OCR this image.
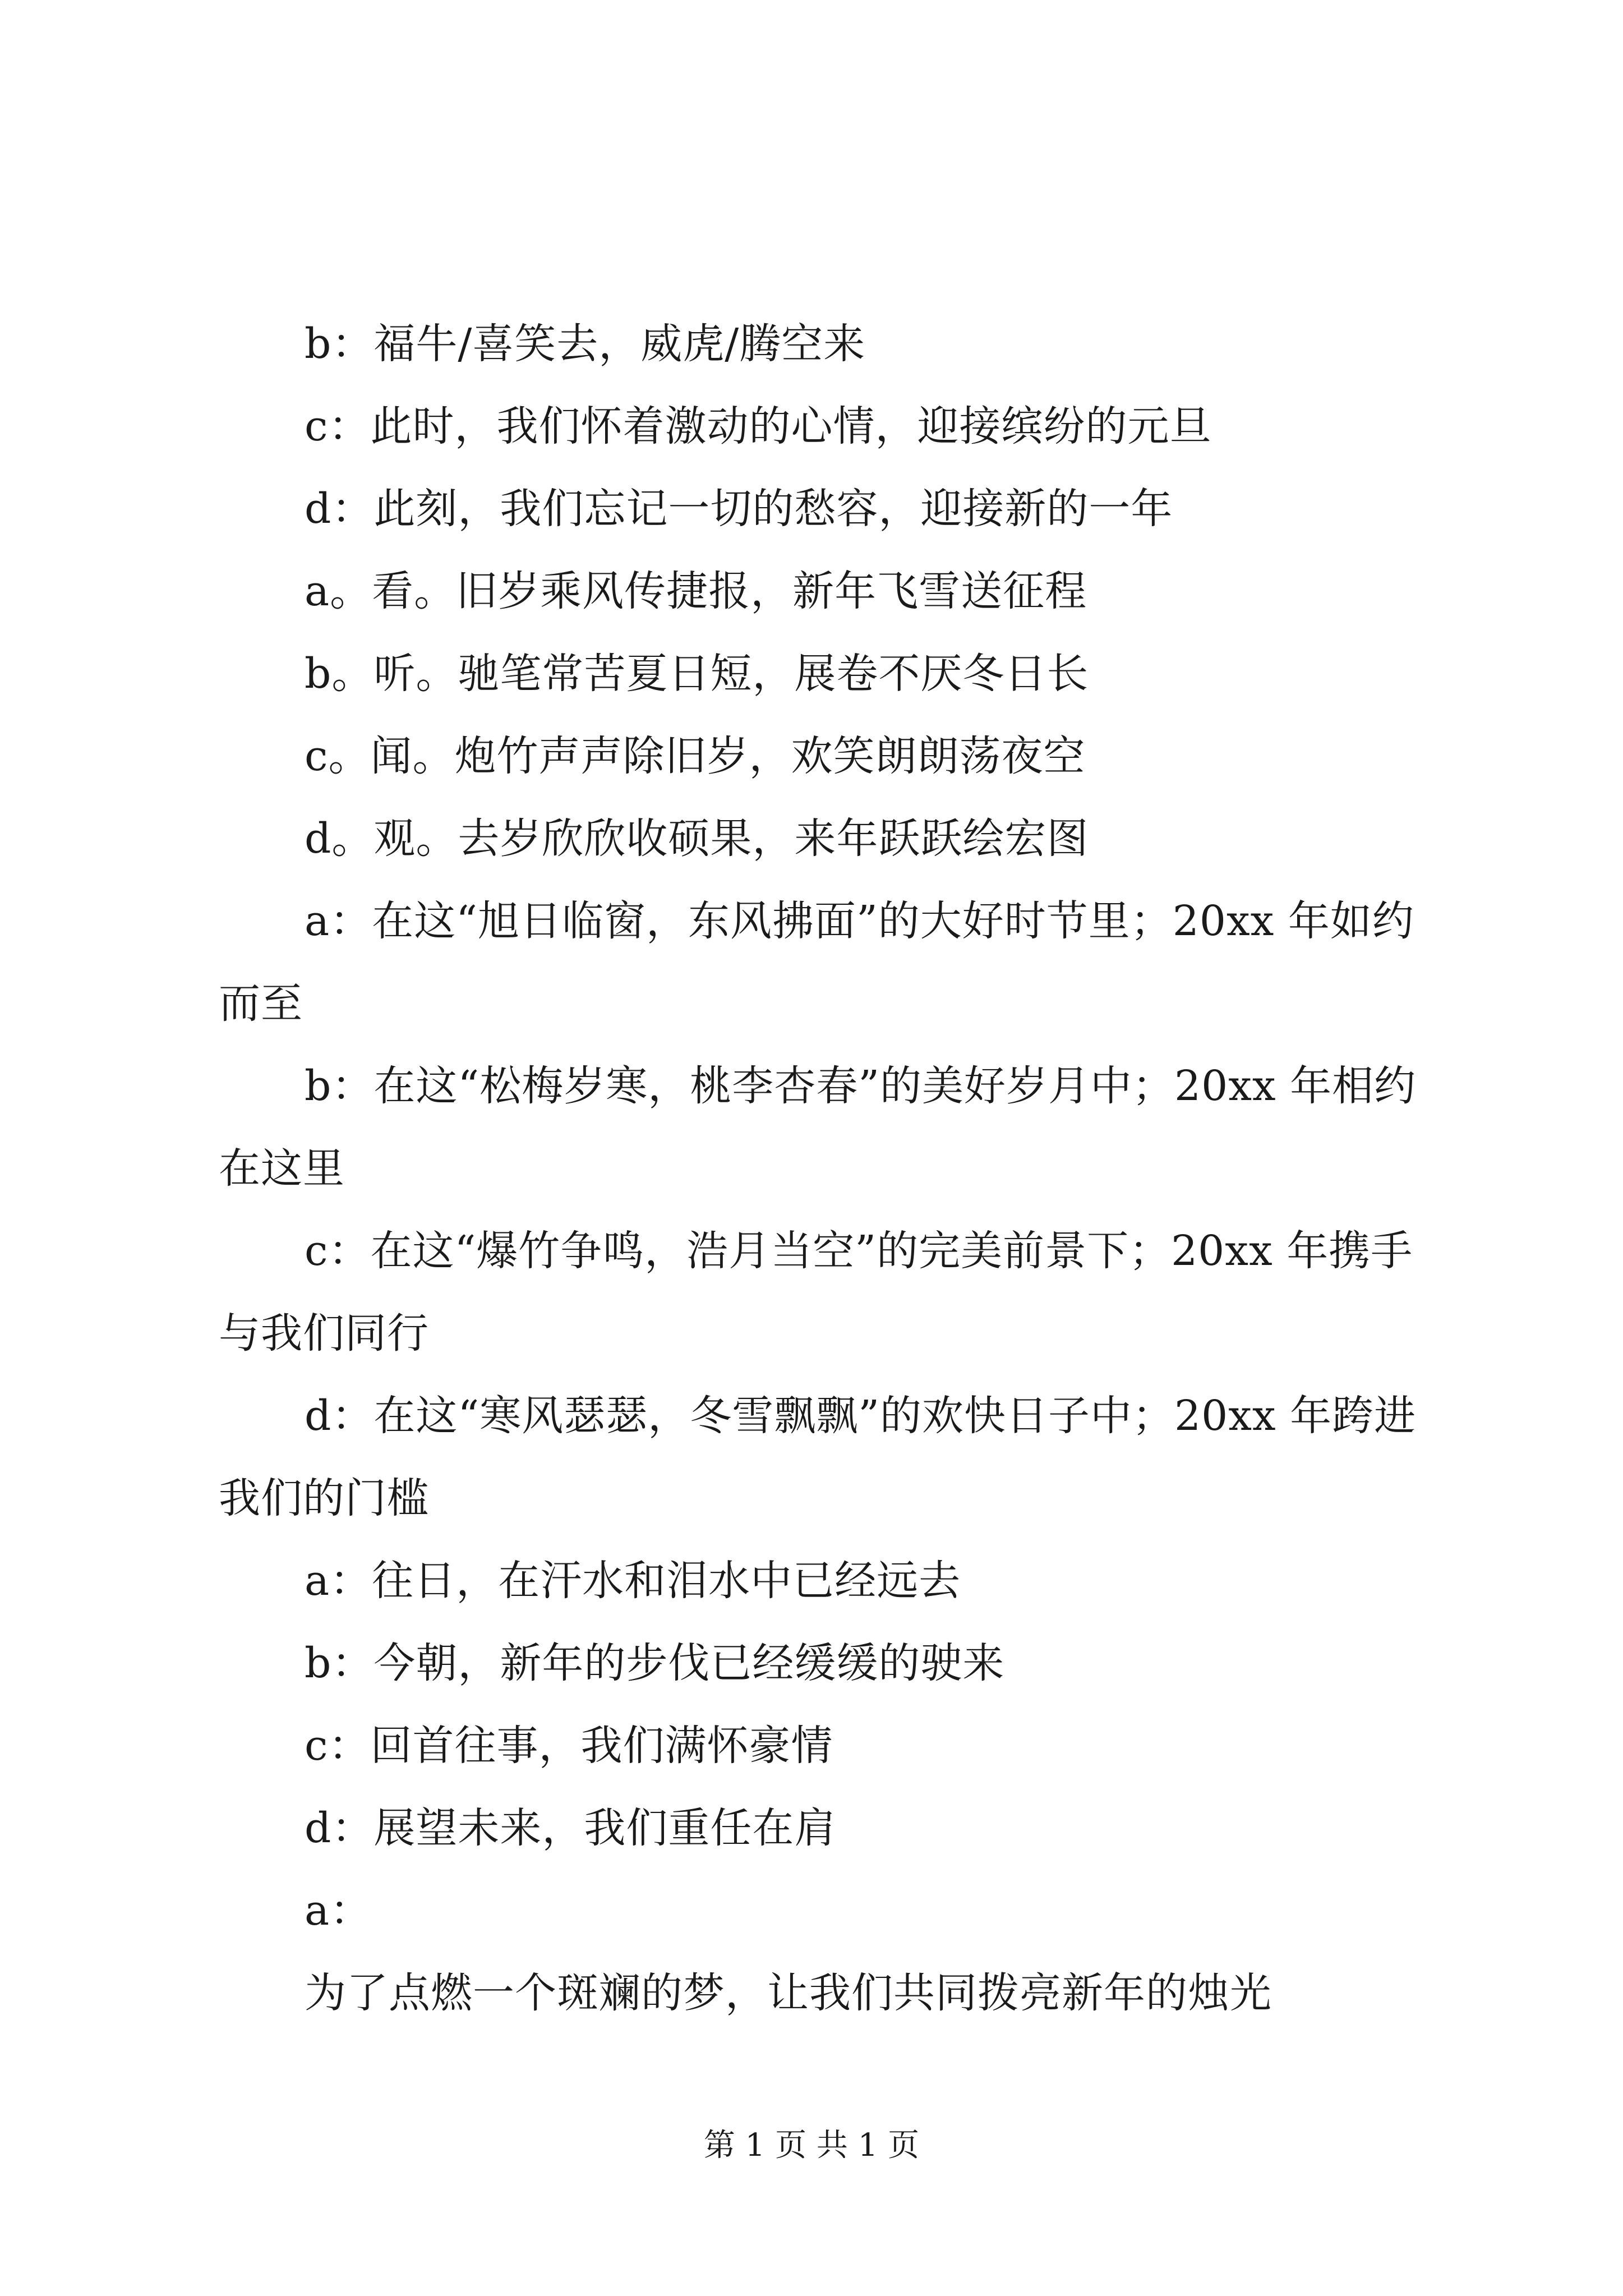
b：福牛/喜笑去，威虎/腾空来

c：此时，我们怀着激动的心情，迎接缤纷的元旦

d：此刻，我们忘记一切的愁容，迎接新的一年

a。看。旧岁乘风传捷报，新年飞雪送征程

b。听。驰笔常苦夏日短，展卷不厌冬日长

c。闻。炮竹声声除旧岁，欢笑朗朗荡夜空

d。观。去岁欣欣收硕果，来年跃跃绘宏图

a：在这“旭日临窗，东风拂面”的大好时节里；20xx 年如约而至

b：在这“松梅岁寒，桃李杏春”的美好岁月中；20xx 年相约在这里

c：在这“爆竹争鸣，浩月当空”的完美前景下；20xx 年携手与我们同行

d：在这“寒风瑟瑟，冬雪飘飘”的欢快日子中；20xx 年跨进我们的门槛

a：往日，在汗水和泪水中已经远去

b：今朝，新年的步伐已经缓缓的驶来

c：回首往事，我们满怀豪情

d：展望未来，我们重任在肩

a：

为了点燃一个斑斓的梦，让我们共同拨亮新年的烛光

第 1 页 共 1 页
